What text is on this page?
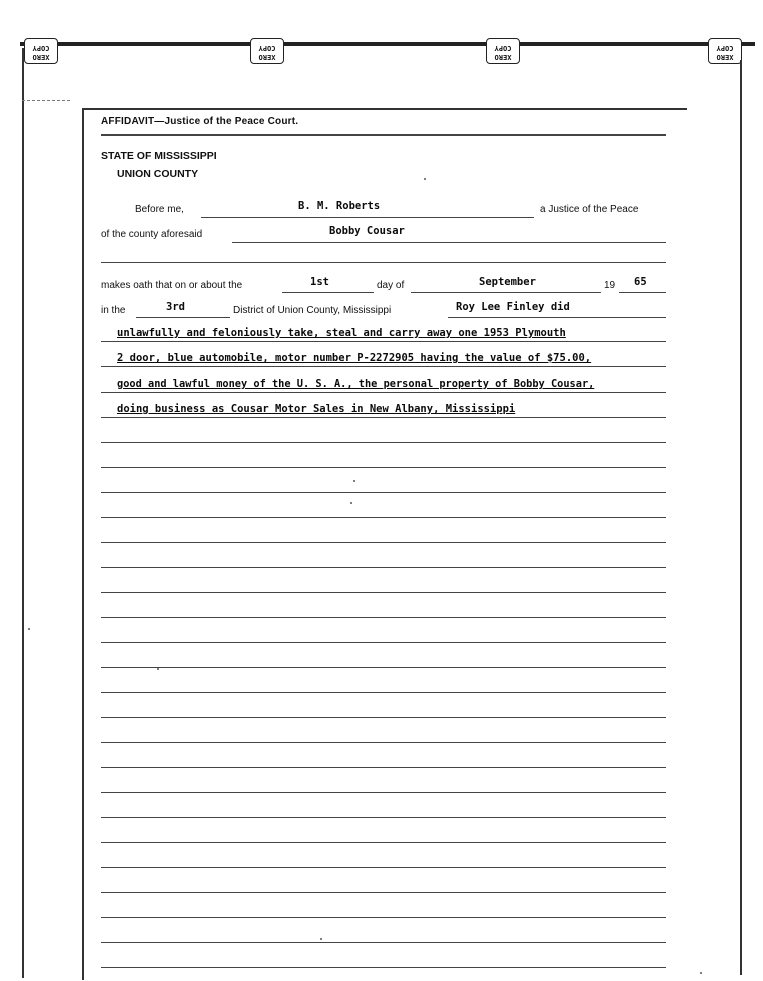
XERO COPY
XERO COPY
XERO COPY
XERO COPY
AFFIDAVIT—Justice of the Peace Court.
STATE OF MISSISSIPPI
UNION COUNTY
Before me,	B. M. Roberts	a Justice of the Peace
of the county aforesaid	Bobby Cousar
makes oath that on or about the	1st	day of	September	19 65
in the	3rd	District of Union County, Mississippi	Roy Lee Finley did
unlawfully and feloniously take, steal and carry away one 1953 Plymouth
2 door, blue automobile, motor number P-2272905 having the value of $75.00,
good and lawful money of the U. S. A., the personal property of Bobby Cousar,
doing business as Cousar Motor Sales in New Albany, Mississippi
